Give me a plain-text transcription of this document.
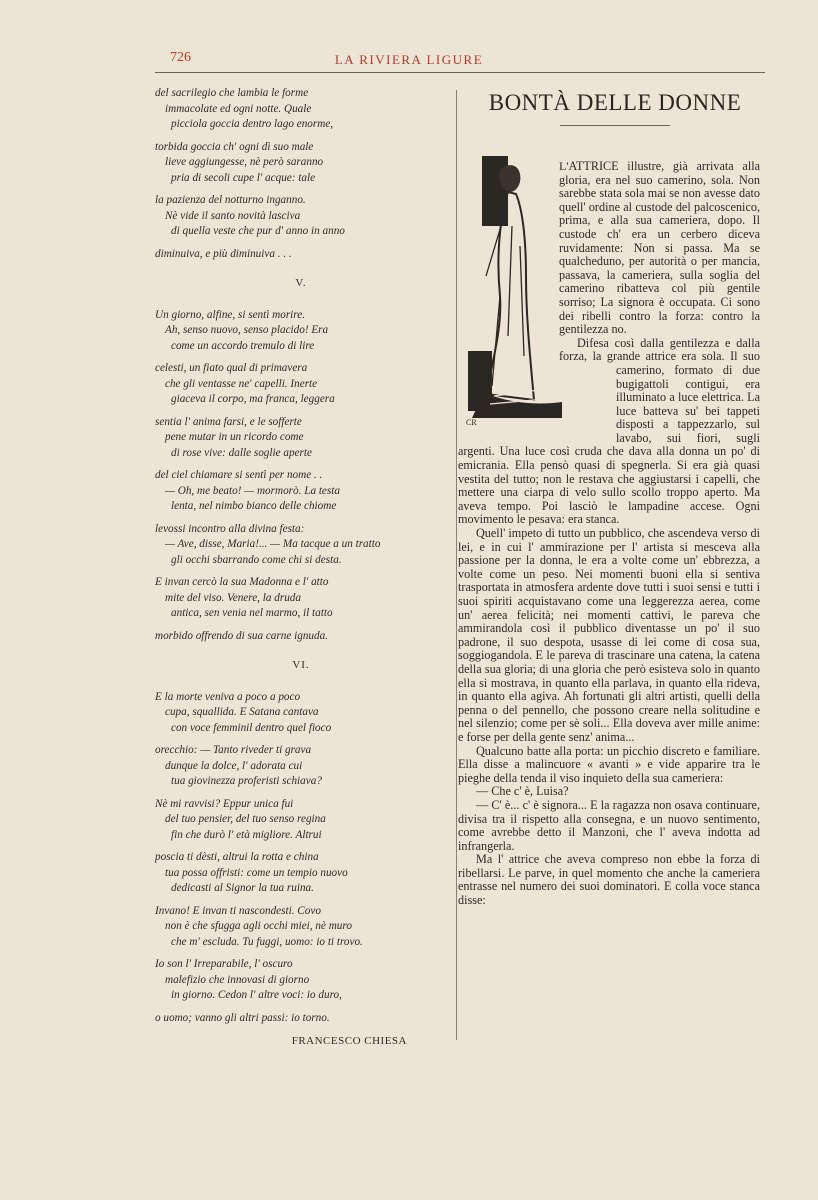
726	LA RIVIERA LIGURE
del sacrilegio che lambia le forme
immacolate ed ogni notte. Quale
picciola goccia dentro lago enorme,
torbida goccia ch' ogni dì suo male
lieve aggiungesse, nè però saranno
pria di secoli cupe l' acque: tale
la pazienza del notturno inganno.
Nè vide il santo novità lasciva
di quella veste che pur d' anno in anno
diminuiva, e più diminuiva . . .
V.
Un giorno, alfine, si sentì morire.
Ah, senso nuovo, senso placido! Era
come un accordo tremulo di lire
celesti, un fiato qual di primavera
che gli ventasse ne' capelli. Inerte
giaceva il corpo, ma franca, leggera
sentia l' anima farsi, e le sofferte
pene mutar in un ricordo come
di rose vive: dalle soglie aperte
del ciel chiamare si sentì per nome . .
— Oh, me beato! — mormorò. La testa
lenta, nel nimbo bianco delle chiome
levossi incontro alla divina festa:
— Ave, disse, Maria!... — Ma tacque a un tratto
gli occhi sbarrando come chi si desta.
E invan cercò la sua Madonna e l' atto
mite del viso. Venere, la druda
antica, sen venia nel marmo, il tatto
morbido offrendo di sua carne ignuda.
VI.
E la morte veniva a poco a poco
cupa, squallida. E Satana cantava
con voce femminil dentro quel fioco
orecchio: — Tanto riveder ti grava
dunque la dolce, l' adorata cui
tua giovinezza proferisti schiava?
Nè mi ravvisi? Eppur unica fui
del tuo pensier, del tuo senso regina
fin che durò l' età migliore. Altrui
poscia ti dèsti, altrui la rotta e china
tua possa offristi: come un tempio nuovo
dedicasti al Signor la tua ruina.
Invano! E invan ti nascondesti. Covo
non è che sfugga agli occhi miei, nè muro
che m' escluda. Tu fuggi, uomo: io ti trovo.
Io son l' Irreparabile, l' oscuro
malefizio che innovasi di giorno
in giorno. Cedon l' altre voci: io duro,
o uomo; vanno gli altri passi: io torno.
FRANCESCO CHIESA
BONTÀ DELLE DONNE
CR

L'ATTRICE illustre, già arrivata alla gloria, era nel suo camerino, sola. Non sarebbe stata sola mai se non avesse dato quell' ordine al custode del palcoscenico, prima, e alla sua cameriera, dopo. Il custode ch' era un cerbero diceva ruvidamente: Non si passa. Ma se qualcheduno, per autorità o per mancia, passava, la cameriera, sulla soglia del camerino ribatteva col più gentile sorriso; La signora è occupata. Ci sono dei ribelli contro la forza: contro la gentilezza no.

Difesa così dalla gentilezza e dalla forza, la grande attrice era sola. Il suo camerino, formato di due bugigattoli contigui, era illuminato a luce elettrica. La luce batteva su' bei tappeti disposti a tappezzarlo, sul lavabo, sui fiori, sugli argenti. Una luce così cruda che dava alla donna un po' di emicrania. Ella pensò quasi di spegnerla. Si era già quasi vestita del tutto; non le restava che aggiustarsi i capelli, che mettere una ciarpa di velo sullo scollo troppo aperto. Ma aveva tempo. Poi lasciò le lampadine accese. Ogni movimento le pesava: era stanca.

Quell' impeto di tutto un pubblico, che ascendeva verso di lei, e in cui l' ammirazione per l' artista si mesceva alla passione per la donna, le era a volte come un' ebbrezza, a volte come un peso. Nei momenti buoni ella si sentiva trasportata in atmosfera ardente dove tutti i suoi sensi e tutti i suoi spiriti acquistavano come una leggerezza aerea, come un' aerea felicità; nei momenti cattivi, le pareva che ammirandola così il pubblico diventasse un po' il suo padrone, il suo despota, usasse di lei come di cosa sua, soggiogandola. E le pareva di trascinare una catena, la catena della sua gloria; di una gloria che però esisteva solo in quanto ella si mostrava, in quanto ella parlava, in quanto ella rideva, in quanto ella agiva. Ah fortunati gli altri artisti, quelli della penna o del pennello, che possono creare nella solitudine e nel silenzio; come per sè soli... Ella doveva aver mille anime: e forse per della gente senz' anima...

Qualcuno batte alla porta: un picchio discreto e familiare. Ella disse a malincuore « avanti » e vide apparire tra le pieghe della tenda il viso inquieto della sua cameriera:

— Che c' è, Luisa?

— C' è... c' è signora... E la ragazza non osava continuare, divisa tra il rispetto alla consegna, e un nuovo sentimento, come avrebbe detto il Manzoni, che l' aveva indotta ad infrangerla.

Ma l' attrice che aveva compreso non ebbe la forza di ribellarsi. Le parve, in quel momento che anche la cameriera entrasse nel numero dei suoi dominatori. E colla voce stanca disse:
